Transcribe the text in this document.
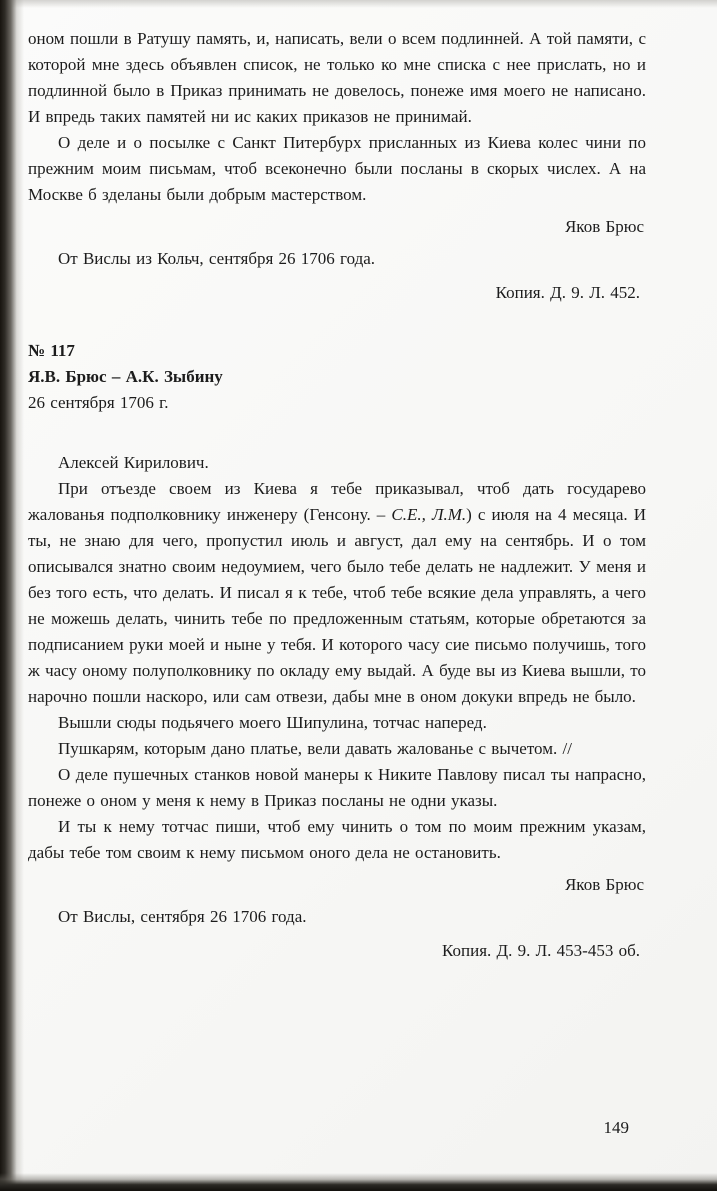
оном пошли в Ратушу память, и, написать, вели о всем подлинней. А той памяти, с которой мне здесь объявлен список, не только ко мне списка с нее прислать, но и подлинной было в Приказ принимать не довелось, понеже имя моего не написано. И впредь таких памятей ни ис каких приказов не принимай.

О деле и о посылке с Санкт Питербурх присланных из Киева колес чини по прежним моим письмам, чтоб всеконечно были посланы в скорых числех. А на Москве б зделаны были добрым мастерством.

Яков Брюс

От Вислы из Кольч, сентября 26 1706 года.

Копия. Д. 9. Л. 452.

№ 117

Я.В. Брюс – А.К. Зыбину

26 сентября 1706 г.

Алексей Кирилович.

При отъезде своем из Киева я тебе приказывал, чтоб дать государево жалованья подполковнику инженеру (Генсону. – С.Е., Л.М.) с июля на 4 месяца. И ты, не знаю для чего, пропустил июль и август, дал ему на сентябрь. И о том описывался знатно своим недоумием, чего было тебе делать не надлежит. У меня и без того есть, что делать. И писал я к тебе, чтоб тебе всякие дела управлять, а чего не можешь делать, чинить тебе по предложенным статьям, которые обретаются за подписанием руки моей и ныне у тебя. И которого часу сие письмо получишь, того ж часу оному полуполковнику по окладу ему выдай. А буде вы из Киева вышли, то нарочно пошли наскоро, или сам отвези, дабы мне в оном докуки впредь не было.

Вышли сюды подьячего моего Шипулина, тотчас наперед.

Пушкарям, которым дано платье, вели давать жалованье с вычетом. //

О деле пушечных станков новой манеры к Никите Павлову писал ты напрасно, понеже о оном у меня к нему в Приказ посланы не одни указы.

И ты к нему тотчас пиши, чтоб ему чинить о том по моим прежним указам, дабы тебе том своим к нему письмом оного дела не остановить.

Яков Брюс

От Вислы, сентября 26 1706 года.

Копия. Д. 9. Л. 453-453 об.

149
